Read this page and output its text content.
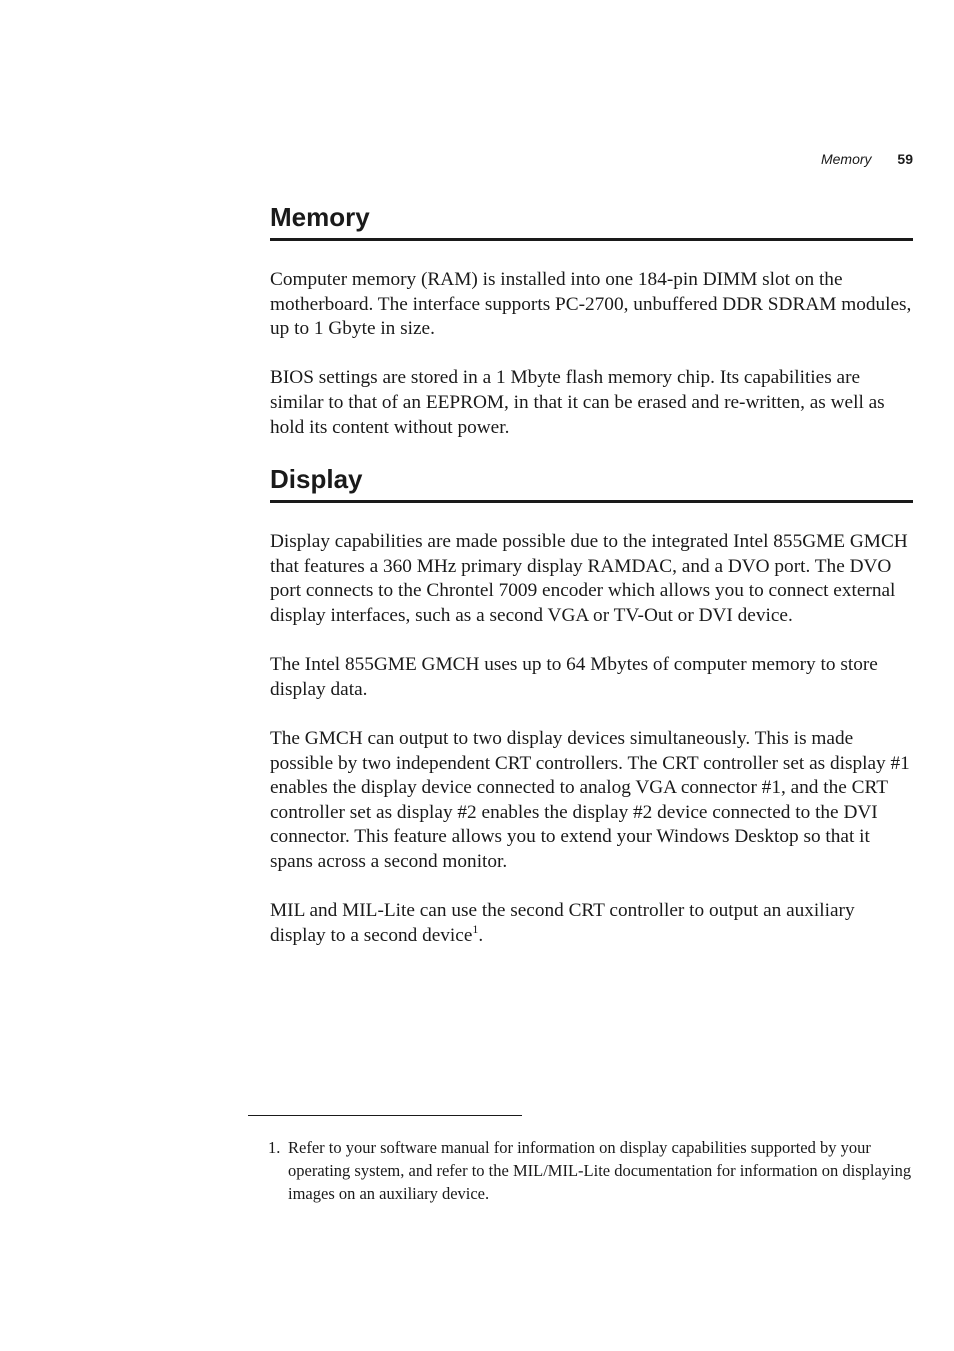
Memory 59
Memory

Computer memory (RAM) is installed into one 184-pin DIMM slot on the motherboard. The interface supports PC-2700, unbuffered DDR SDRAM modules, up to 1 Gbyte in size.

BIOS settings are stored in a 1 Mbyte flash memory chip. Its capabilities are similar to that of an EEPROM, in that it can be erased and re-written, as well as hold its content without power.

Display

Display capabilities are made possible due to the integrated Intel 855GME GMCH that features a 360 MHz primary display RAMDAC, and a DVO port. The DVO port connects to the Chrontel 7009 encoder which allows you to connect external display interfaces, such as a second VGA or TV-Out or DVI device.

The Intel 855GME GMCH uses up to 64 Mbytes of computer memory to store display data.

The GMCH can output to two display devices simultaneously. This is made possible by two independent CRT controllers. The CRT controller set as display #1 enables the display device connected to analog VGA connector #1, and the CRT controller set as display #2 enables the display #2 device connected to the DVI connector. This feature allows you to extend your Windows Desktop so that it spans across a second monitor.

MIL and MIL-Lite can use the second CRT controller to output an auxiliary display to a second device$^1$.

1. Refer to your software manual for information on display capabilities supported by your operating system, and refer to the MIL/MIL-Lite documentation for information on displaying images on an auxiliary device.
